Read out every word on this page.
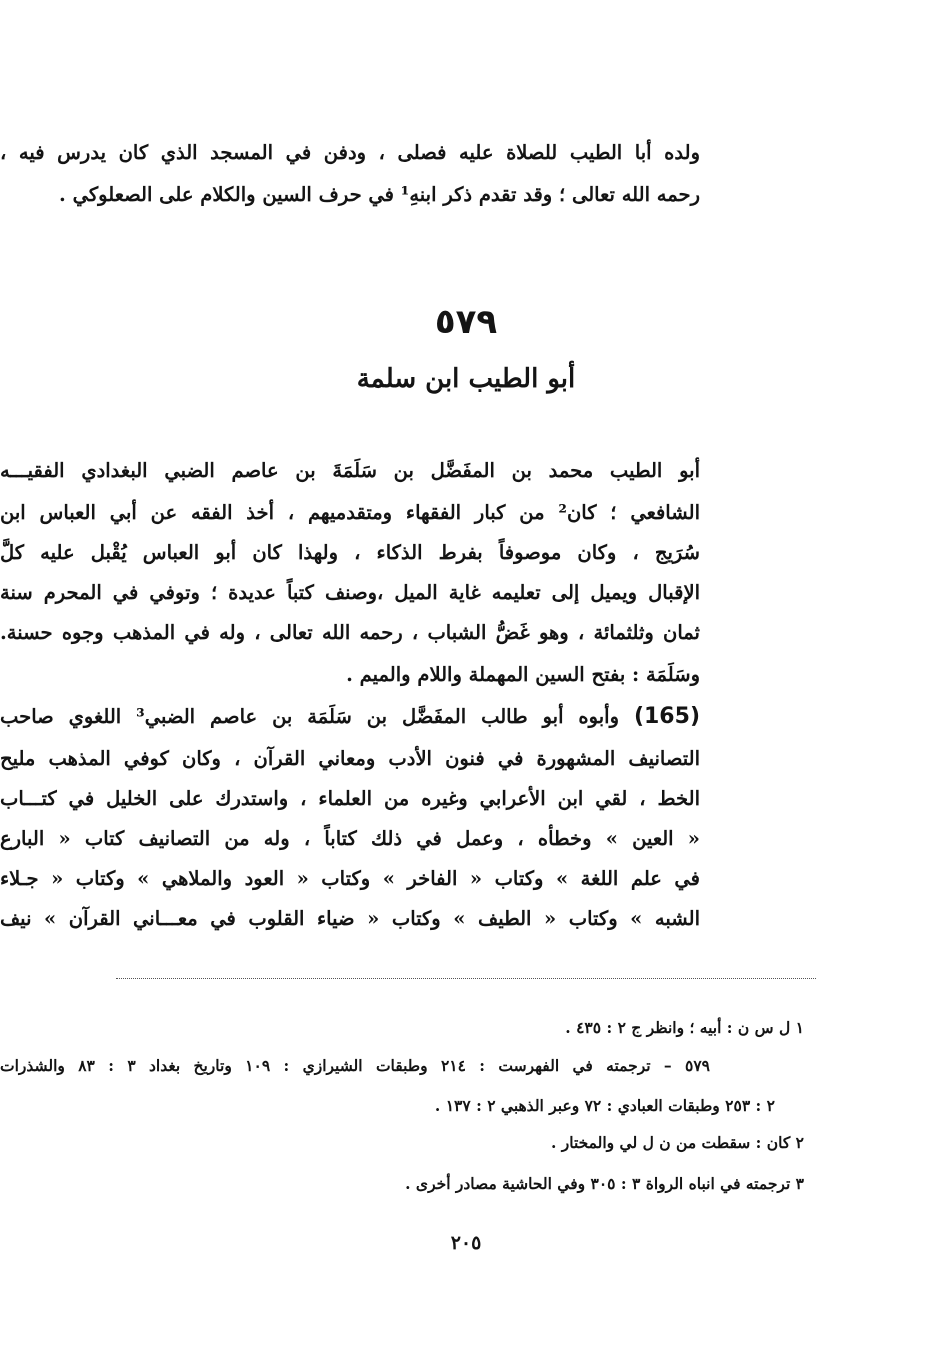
ولده أبا الطيب للصلاة عليه فصلى ، ودفن في المسجد الذي كان يدرس فيه ،
رحمه الله تعالى ؛ وقد تقدم ذكر ابنهِ¹ في حرف السين والكلام على الصعلوكي .
٥٧٩
أبو الطيب ابن سلمة
أبو الطيب محمد بن المفَضَّل بن سَلَمَةَ بن عاصم الضبي البغدادي الفقيـــه
الشافعي ؛ كان² من كبار الفقهاء ومتقدميهم ، أخذ الفقه عن أبي العباس ابن
سُرَيج ، وكان موصوفاً بفرط الذكاء ، ولهذا كان أبو العباس يُقْبل عليه كلَّ
الإقبال ويميل إلى تعليمه غاية الميل ،وصنف كتباً عديدة ؛ وتوفي في المحرم سنة
ثمان وثلثمائة ، وهو غَضُّ الشباب ، رحمه الله تعالى ، وله في المذهب وجوه حسنة.
وسَلَمَة : بفتح السين المهملة واللام والميم .
(165) وأبوه أبو طالب المفَضَّل بن سَلَمَة بن عاصم الضبي³ اللغوي صاحب
التصانيف المشهورة في فنون الأدب ومعاني القرآن ، وكان كوفي المذهب مليح
الخط ، لقي ابن الأعرابي وغيره من العلماء ، واستدرك على الخليل في كتـــاب
« العين » وخطأه ، وعمل في ذلك كتاباً ، وله من التصانيف كتاب « البارع
في علم اللغة » وكتاب « الفاخر » وكتاب « العود والملاهي » وكتاب « جـلاء
الشبه » وكتاب « الطيف » وكتاب « ضياء القلوب في معـــاني القرآن » نيف
١ ل س ن : أبيه ؛ وانظر ج ٢ : ٤٣٥ .
٥٧٩ – ترجمته في الفهرست : ٢١٤ وطبقات الشيرازي : ١٠٩ وتاريخ بغداد ٣ : ٨٣ والشذرات
٢ : ٢٥٣ وطبقات العبادي : ٧٢ وعبر الذهبي ٢ : ١٣٧ .
٢ كان : سقطت من ن ل لي والمختار .
٣ ترجمته في انباه الرواة ٣ : ٣٠٥ وفي الحاشية مصادر أخرى .
٢٠٥
